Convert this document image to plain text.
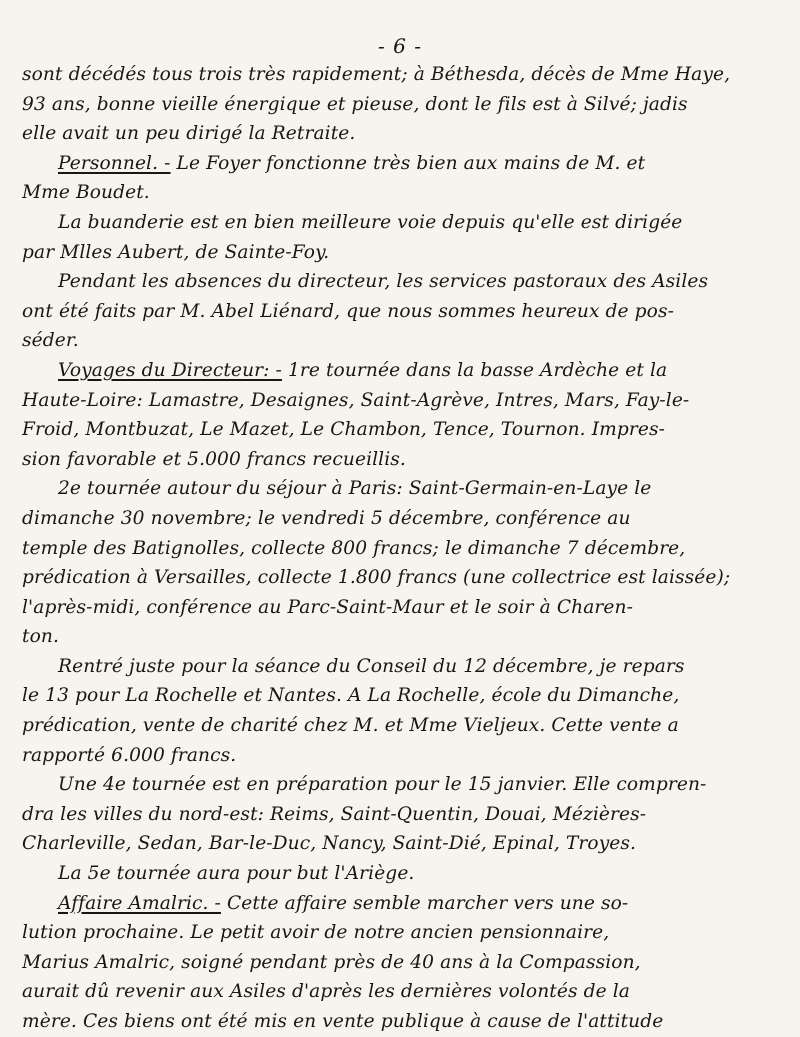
- 6 -
sont décédés tous trois très rapidement; à Béthesda, décès de Mme Haye,
93 ans, bonne vieille énergique et pieuse, dont le fils est à Silvé; jadis
elle avait un peu dirigé la Retraite.
Personnel. - Le Foyer fonctionne très bien aux mains de M. et
Mme Boudet.
La buanderie est en bien meilleure voie depuis qu'elle est dirigée
par Mlles Aubert, de Sainte-Foy.
Pendant les absences du directeur, les services pastoraux des Asiles
ont été faits par M. Abel Liénard, que nous sommes heureux de pos-
séder.
Voyages du Directeur: - 1re tournée dans la basse Ardèche et la
Haute-Loire: Lamastre, Desaignes, Saint-Agrève, Intres, Mars, Fay-le-
Froid, Montbuzat, Le Mazet, Le Chambon, Tence, Tournon. Impres-
sion favorable et 5.000 francs recueillis.
2e tournée autour du séjour à Paris: Saint-Germain-en-Laye le
dimanche 30 novembre; le vendredi 5 décembre, conférence au
temple des Batignolles, collecte 800 francs; le dimanche 7 décembre,
prédication à Versailles, collecte 1.800 francs (une collectrice est laissée);
l'après-midi, conférence au Parc-Saint-Maur et le soir à Charen-
ton.
Rentré juste pour la séance du Conseil du 12 décembre, je repars
le 13 pour La Rochelle et Nantes. A La Rochelle, école du Dimanche,
prédication, vente de charité chez M. et Mme Vieljeux. Cette vente a
rapporté 6.000 francs.
Une 4e tournée est en préparation pour le 15 janvier. Elle compren-
dra les villes du nord-est: Reims, Saint-Quentin, Douai, Mézières-
Charleville, Sedan, Bar-le-Duc, Nancy, Saint-Dié, Epinal, Troyes.
La 5e tournée aura pour but l'Ariège.
Affaire Amalric. - Cette affaire semble marcher vers une so-
lution prochaine. Le petit avoir de notre ancien pensionnaire,
Marius Amalric, soigné pendant près de 40 ans à la Compassion,
aurait dû revenir aux Asiles d'après les dernières volontés de la
mère. Ces biens ont été mis en vente publique à cause de l'attitude
